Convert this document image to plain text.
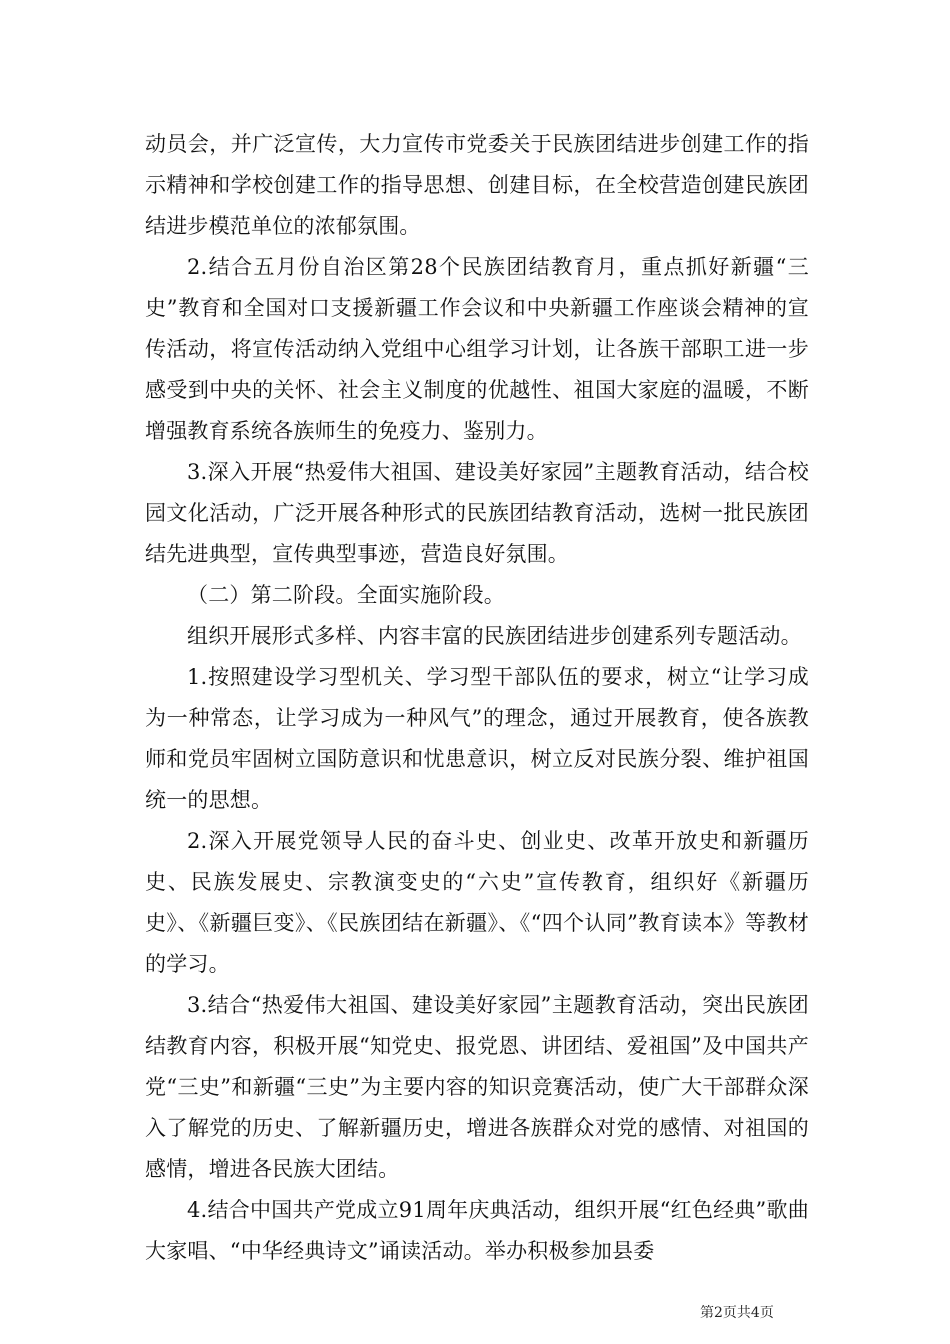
动员会，并广泛宣传，大力宣传市党委关于民族团结进步创建工作的指示精神和学校创建工作的指导思想、创建目标，在全校营造创建民族团结进步模范单位的浓郁氛围。

2.结合五月份自治区第28个民族团结教育月，重点抓好新疆“三史”教育和全国对口支援新疆工作会议和中央新疆工作座谈会精神的宣传活动，将宣传活动纳入党组中心组学习计划，让各族干部职工进一步感受到中央的关怀、社会主义制度的优越性、祖国大家庭的温暖，不断增强教育系统各族师生的免疫力、鉴别力。

3.深入开展“热爱伟大祖国、建设美好家园”主题教育活动，结合校园文化活动，广泛开展各种形式的民族团结教育活动，选树一批民族团结先进典型，宣传典型事迹，营造良好氛围。

（二）第二阶段。全面实施阶段。

组织开展形式多样、内容丰富的民族团结进步创建系列专题活动。

1.按照建设学习型机关、学习型干部队伍的要求，树立“让学习成为一种常态，让学习成为一种风气”的理念，通过开展教育，使各族教师和党员牢固树立国防意识和忧患意识，树立反对民族分裂、维护祖国统一的思想。

2.深入开展党领导人民的奋斗史、创业史、改革开放史和新疆历史、民族发展史、宗教演变史的“六史”宣传教育，组织好《新疆历史》、《新疆巨变》、《民族团结在新疆》、《“四个认同”教育读本》等教材的学习。

3.结合“热爱伟大祖国、建设美好家园”主题教育活动，突出民族团结教育内容，积极开展“知党史、报党恩、讲团结、爱祖国”及中国共产党“三史”和新疆“三史”为主要内容的知识竞赛活动，使广大干部群众深入了解党的历史、了解新疆历史，增进各族群众对党的感情、对祖国的感情，增进各民族大团结。

4.结合中国共产党成立91周年庆典活动，组织开展“红色经典”歌曲大家唱、“中华经典诗文”诵读活动。举办积极参加县委

第2页共4页
